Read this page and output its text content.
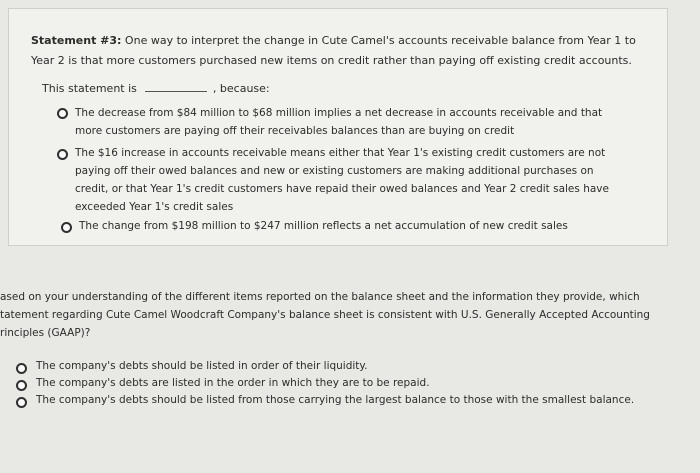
Statement #3: One way to interpret the change in Cute Camel's accounts receivable balance from Year 1 to
Year 2 is that more customers purchased new items on credit rather than paying off existing credit accounts.
This statement is	, because:
The decrease from $84 million to $68 million implies a net decrease in accounts receivable and that
more customers are paying off their receivables balances than are buying on credit
The $16 increase in accounts receivable means either that Year 1's existing credit customers are not
paying off their owed balances and new or existing customers are making additional purchases on
credit, or that Year 1's credit customers have repaid their owed balances and Year 2 credit sales have
exceeded Year 1's credit sales
The change from $198 million to $247 million reflects a net accumulation of new credit sales
ased on your understanding of the different items reported on the balance sheet and the information they provide, which
tatement regarding Cute Camel Woodcraft Company's balance sheet is consistent with U.S. Generally Accepted Accounting
rinciples (GAAP)?
The company's debts should be listed in order of their liquidity.
The company's debts are listed in the order in which they are to be repaid.
The company's debts should be listed from those carrying the largest balance to those with the smallest balance.
